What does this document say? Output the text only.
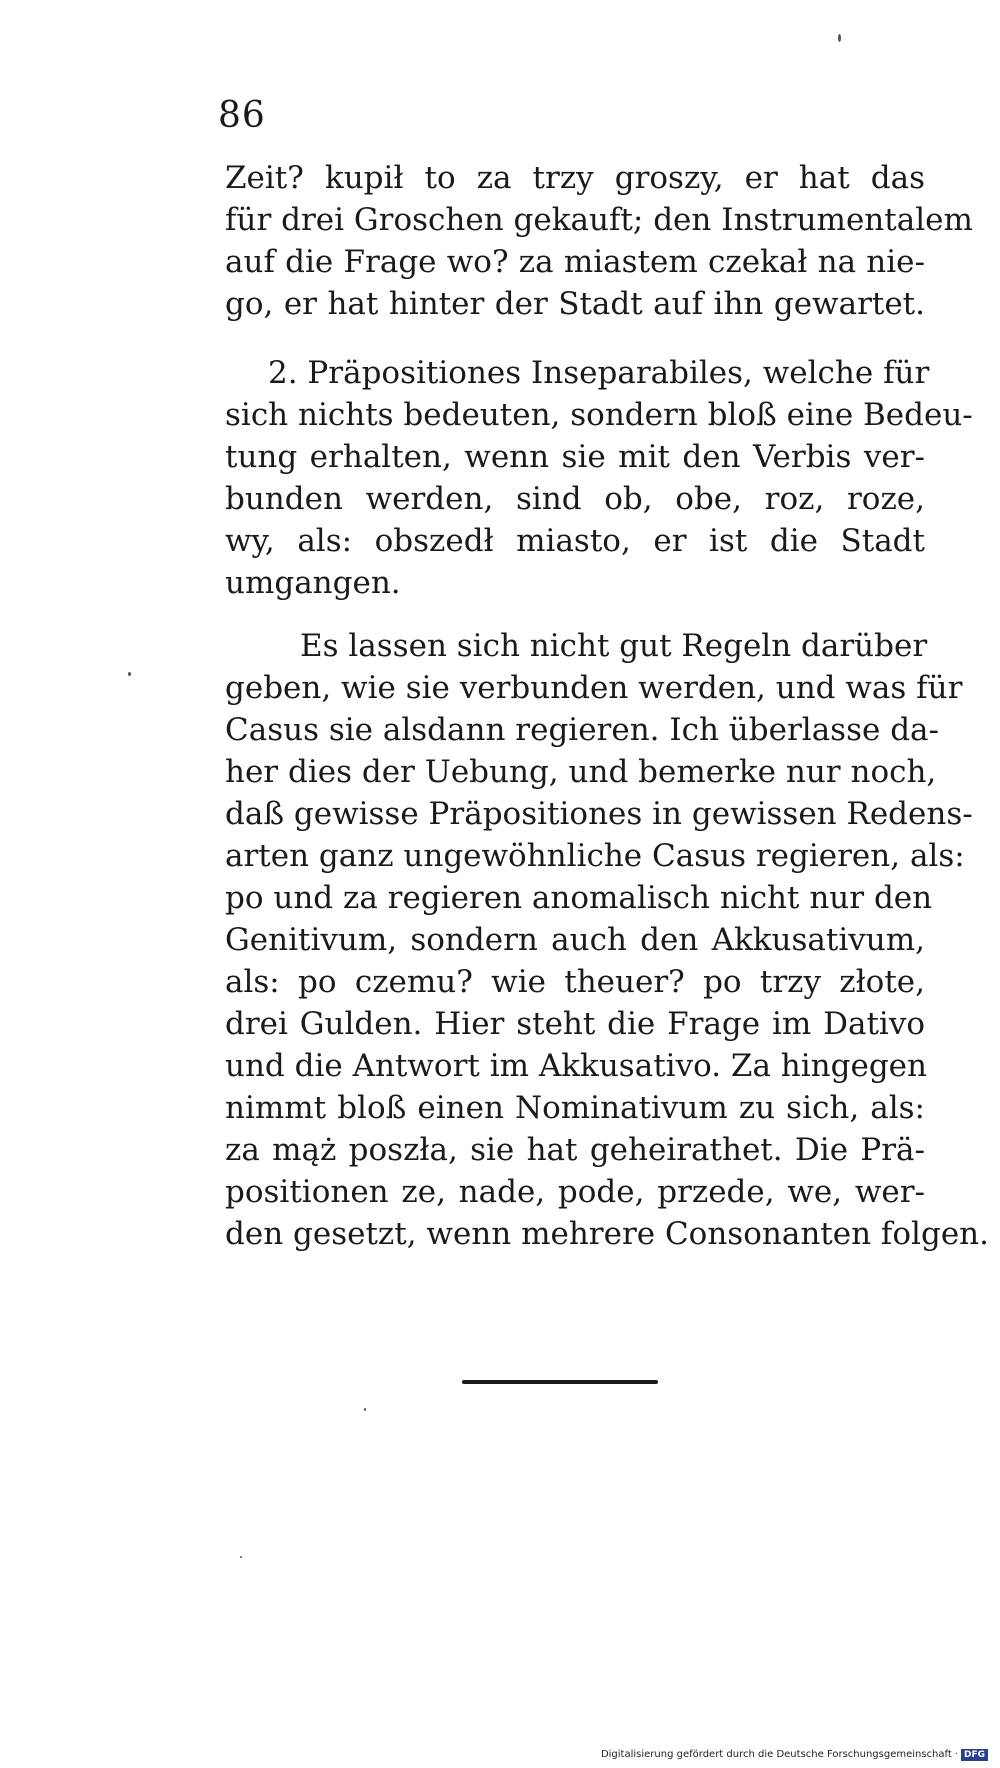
86
Zeit? kupił to za trzy groszy, er hat das
für drei Groschen gekauft; den Instrumentalem
auf die Frage wo? za miastem czekał na nie-
go, er hat hinter der Stadt auf ihn gewartet.
2. Präpositiones Inseparabiles, welche für
sich nichts bedeuten, sondern bloß eine Bedeu-
tung erhalten, wenn sie mit den Verbis ver-
bunden werden, sind ob, obe, roz, roze,
wy, als: obszedł miasto, er ist die Stadt
umgangen.
Es lassen sich nicht gut Regeln darüber
geben, wie sie verbunden werden, und was für
Casus sie alsdann regieren. Ich überlasse da-
her dies der Uebung, und bemerke nur noch,
daß gewisse Präpositiones in gewissen Redens-
arten ganz ungewöhnliche Casus regieren, als:
po und za regieren anomalisch nicht nur den
Genitivum, sondern auch den Akkusativum,
als: po czemu? wie theuer? po trzy złote,
drei Gulden. Hier steht die Frage im Dativo
und die Antwort im Akkusativo. Za hingegen
nimmt bloß einen Nominativum zu sich, als:
za mąż poszła, sie hat geheirathet. Die Prä-
positionen ze, nade, pode, przede, we, wer-
den gesetzt, wenn mehrere Consonanten folgen.
Digitalisierung gefördert durch die Deutsche Forschungsgemeinschaft · DFG
